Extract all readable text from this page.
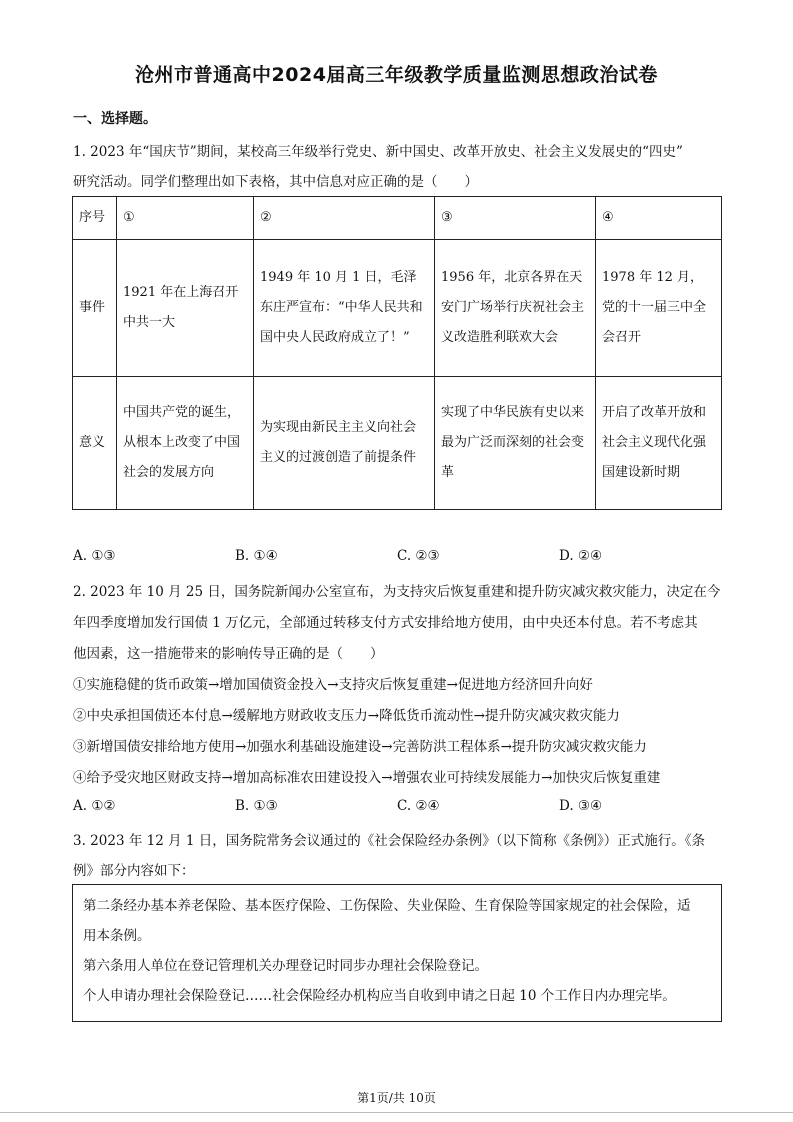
沧州市普通高中2024届高三年级教学质量监测思想政治试卷
一、选择题。
1. 2023 年“国庆节”期间，某校高三年级举行党史、新中国史、改革开放史、社会主义发展史的“四史”
研究活动。同学们整理出如下表格，其中信息对应正确的是（　　）
序号	①	②	③	④
事件	1921 年在上海召开中共一大	1949 年 10 月 1 日，毛泽东庄严宣布：“中华人民共和国中央人民政府成立了！”	1956 年，北京各界在天安门广场举行庆祝社会主义改造胜利联欢大会	1978 年 12 月，党的十一届三中全会召开
意义	中国共产党的诞生，从根本上改变了中国社会的发展方向	为实现由新民主主义向社会主义的过渡创造了前提条件	实现了中华民族有史以来最为广泛而深刻的社会变革	开启了改革开放和社会主义现代化强国建设新时期
A. ①③	B. ①④	C. ②③	D. ②④
2. 2023 年 10 月 25 日，国务院新闻办公室宣布，为支持灾后恢复重建和提升防灾减灾救灾能力，决定在今
年四季度增加发行国债 1 万亿元，全部通过转移支付方式安排给地方使用，由中央还本付息。若不考虑其
他因素，这一措施带来的影响传导正确的是（　　）
①实施稳健的货币政策→增加国债资金投入→支持灾后恢复重建→促进地方经济回升向好
②中央承担国债还本付息→缓解地方财政收支压力→降低货币流动性→提升防灾减灾救灾能力
③新增国债安排给地方使用→加强水利基础设施建设→完善防洪工程体系→提升防灾减灾救灾能力
④给予受灾地区财政支持→增加高标准农田建设投入→增强农业可持续发展能力→加快灾后恢复重建
A. ①②	B. ①③	C. ②④	D. ③④
3. 2023 年 12 月 1 日，国务院常务会议通过的《社会保险经办条例》（以下简称《条例》）正式施行。《条
例》部分内容如下：
第二条经办基本养老保险、基本医疗保险、工伤保险、失业保险、生育保险等国家规定的社会保险，适
用本条例。
第六条用人单位在登记管理机关办理登记时同步办理社会保险登记。
个人申请办理社会保险登记……社会保险经办机构应当自收到申请之日起 10 个工作日内办理完毕。
第1页/共 10页
